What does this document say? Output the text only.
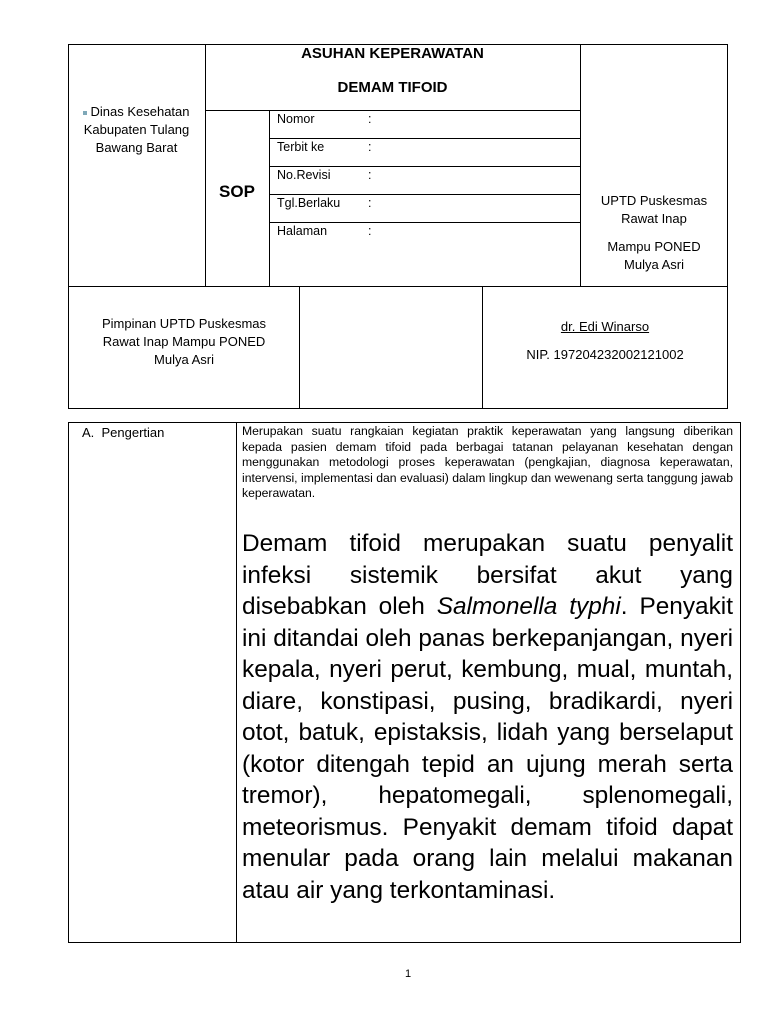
Dinas Kesehatan
Kabupaten Tulang
Bawang Barat
ASUHAN KEPERAWATAN
DEMAM TIFOID
SOP
Nomor	:
Terbit ke	:
No.Revisi	:
Tgl.Berlaku :
Halaman	:
UPTD Puskesmas
Rawat Inap
Mampu PONED
Mulya Asri
Pimpinan UPTD Puskesmas
Rawat Inap Mampu PONED
Mulya Asri
dr. Edi Winarso
NIP. 197204232002121002
A.  Pengertian	Merupakan suatu rangkaian kegiatan praktik keperawatan yang langsung diberikan kepada pasien demam tifoid pada berbagai tatanan pelayanan kesehatan dengan menggunakan metodologi proses keperawatan (pengkajian, diagnosa keperawatan, intervensi, implementasi dan evaluasi) dalam lingkup dan wewenang serta tanggung jawab keperawatan.
Demam tifoid merupakan suatu penyalit infeksi sistemik bersifat akut yang disebabkan oleh Salmonella typhi. Penyakit ini ditandai oleh panas berkepanjangan, nyeri kepala, nyeri perut, kembung, mual, muntah, diare, konstipasi, pusing, bradikardi, nyeri otot, batuk, epistaksis, lidah yang berselaput (kotor ditengah tepid an ujung merah serta tremor), hepatomegali, splenomegali, meteorismus. Penyakit demam tifoid dapat menular pada orang lain melalui makanan atau air yang terkontaminasi.
1
